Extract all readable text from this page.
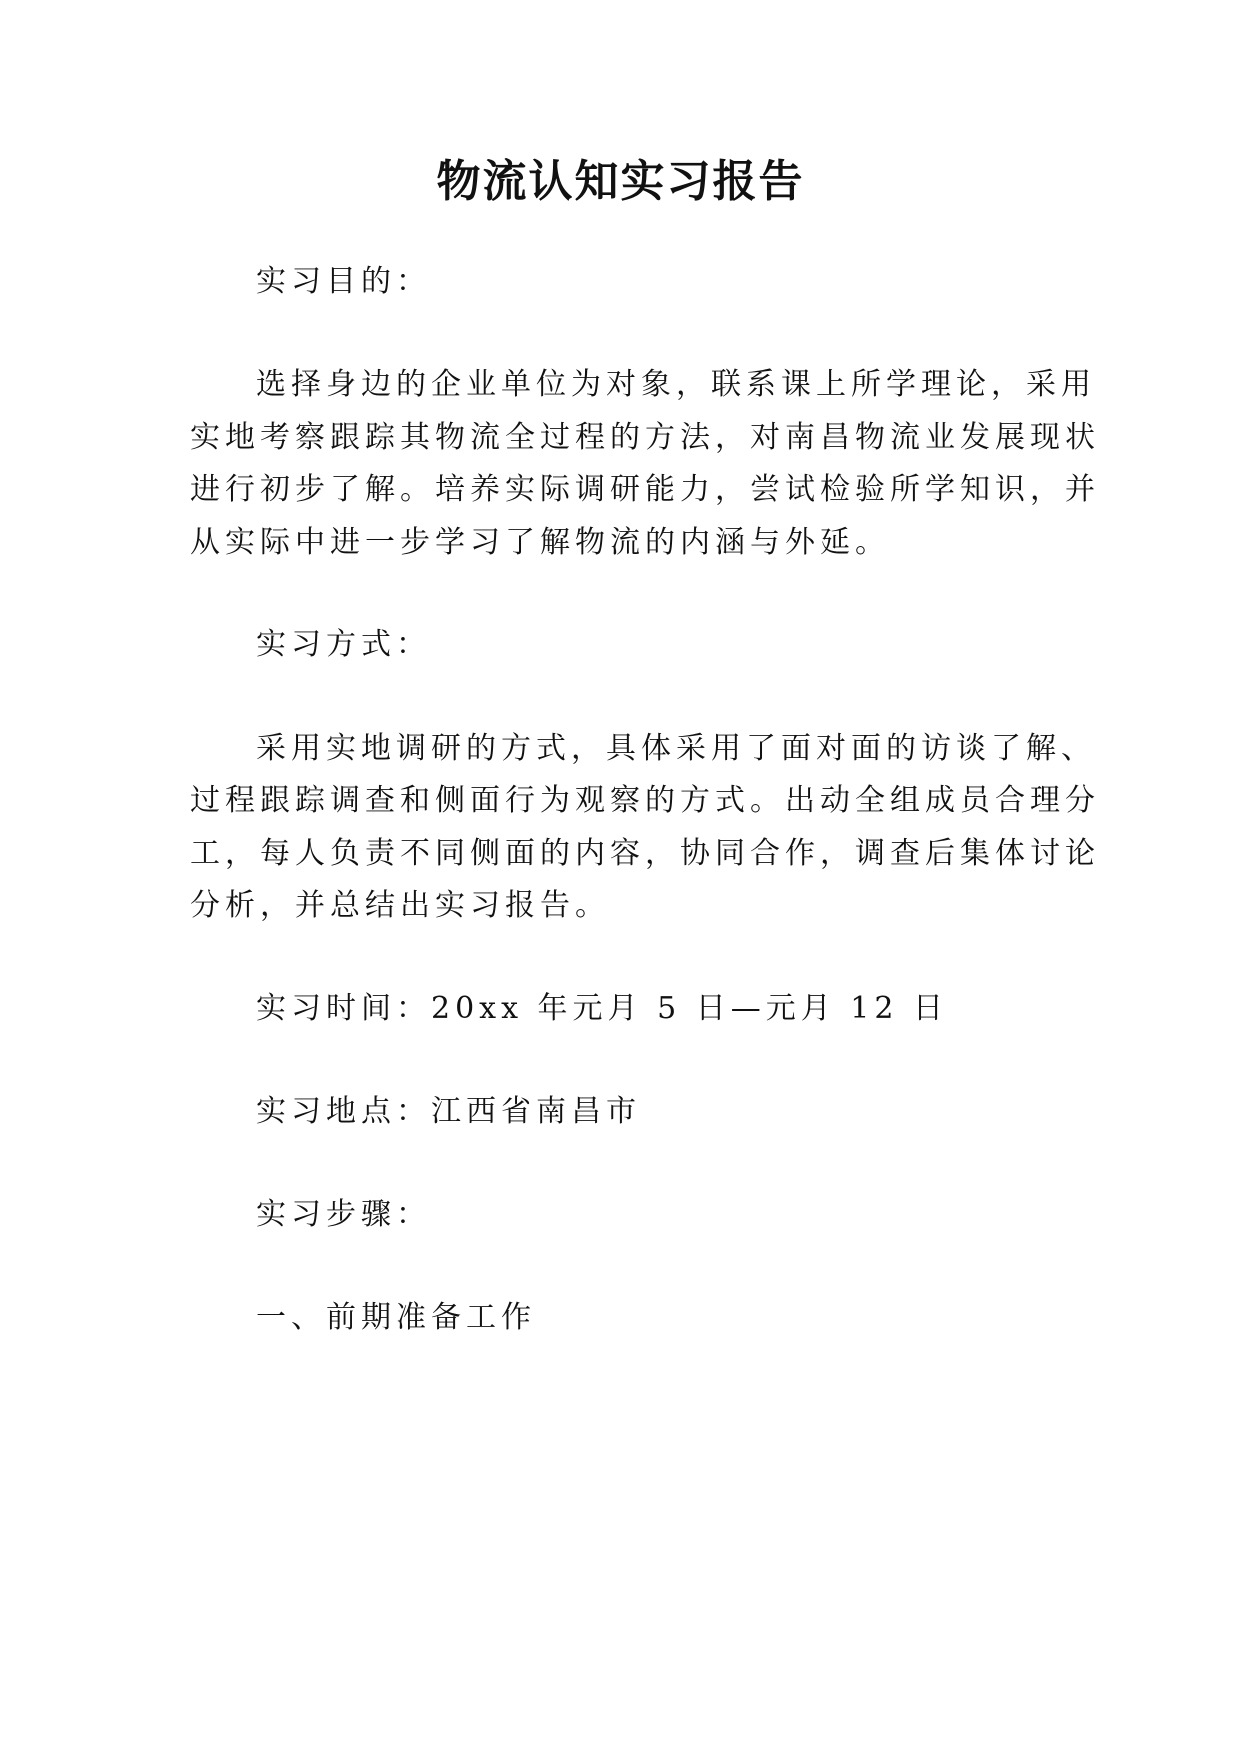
物流认知实习报告
实习目的：
选择身边的企业单位为对象，联系课上所学理论，采用
实地考察跟踪其物流全过程的方法，对南昌物流业发展现状
进行初步了解。培养实际调研能力，尝试检验所学知识，并
从实际中进一步学习了解物流的内涵与外延。
实习方式：
采用实地调研的方式，具体采用了面对面的访谈了解、
过程跟踪调查和侧面行为观察的方式。出动全组成员合理分
工，每人负责不同侧面的内容，协同合作，调查后集体讨论
分析，并总结出实习报告。
实习时间：20xx 年元月 5 日—元月 12 日
实习地点：江西省南昌市
实习步骤：
一、前期准备工作
